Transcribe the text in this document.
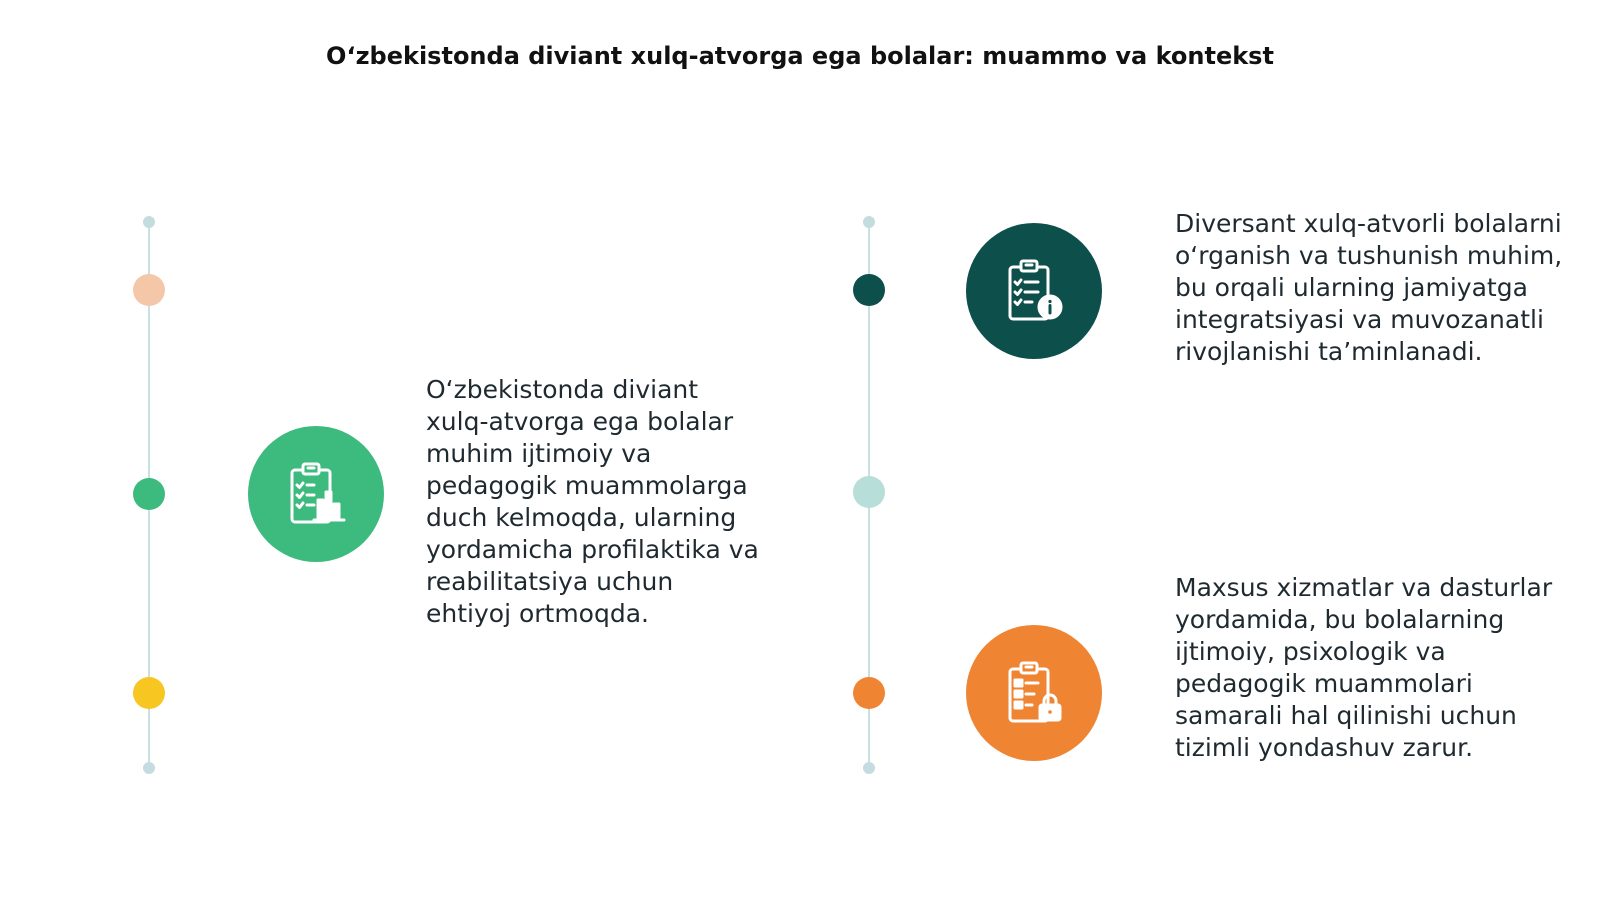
O‘zbekistonda diviant xulq-atvorga ega bolalar: muammo va kontekst
O‘zbekistonda diviant xulq-atvorga ega bolalar muhim ijtimoiy va pedagogik muammolarga duch kelmoqda, ularning yordamicha profilaktika va reabilitatsiya uchun ehtiyoj ortmoqda.
Diversant xulq-atvorli bolalarni o‘rganish va tushunish muhim, bu orqali ularning jamiyatga integratsiyasi va muvozanatli rivojlanishi ta’minlanadi.
Maxsus xizmatlar va dasturlar yordamida, bu bolalarning ijtimoiy, psixologik va pedagogik muammolari samarali hal qilinishi uchun tizimli yondashuv zarur.
